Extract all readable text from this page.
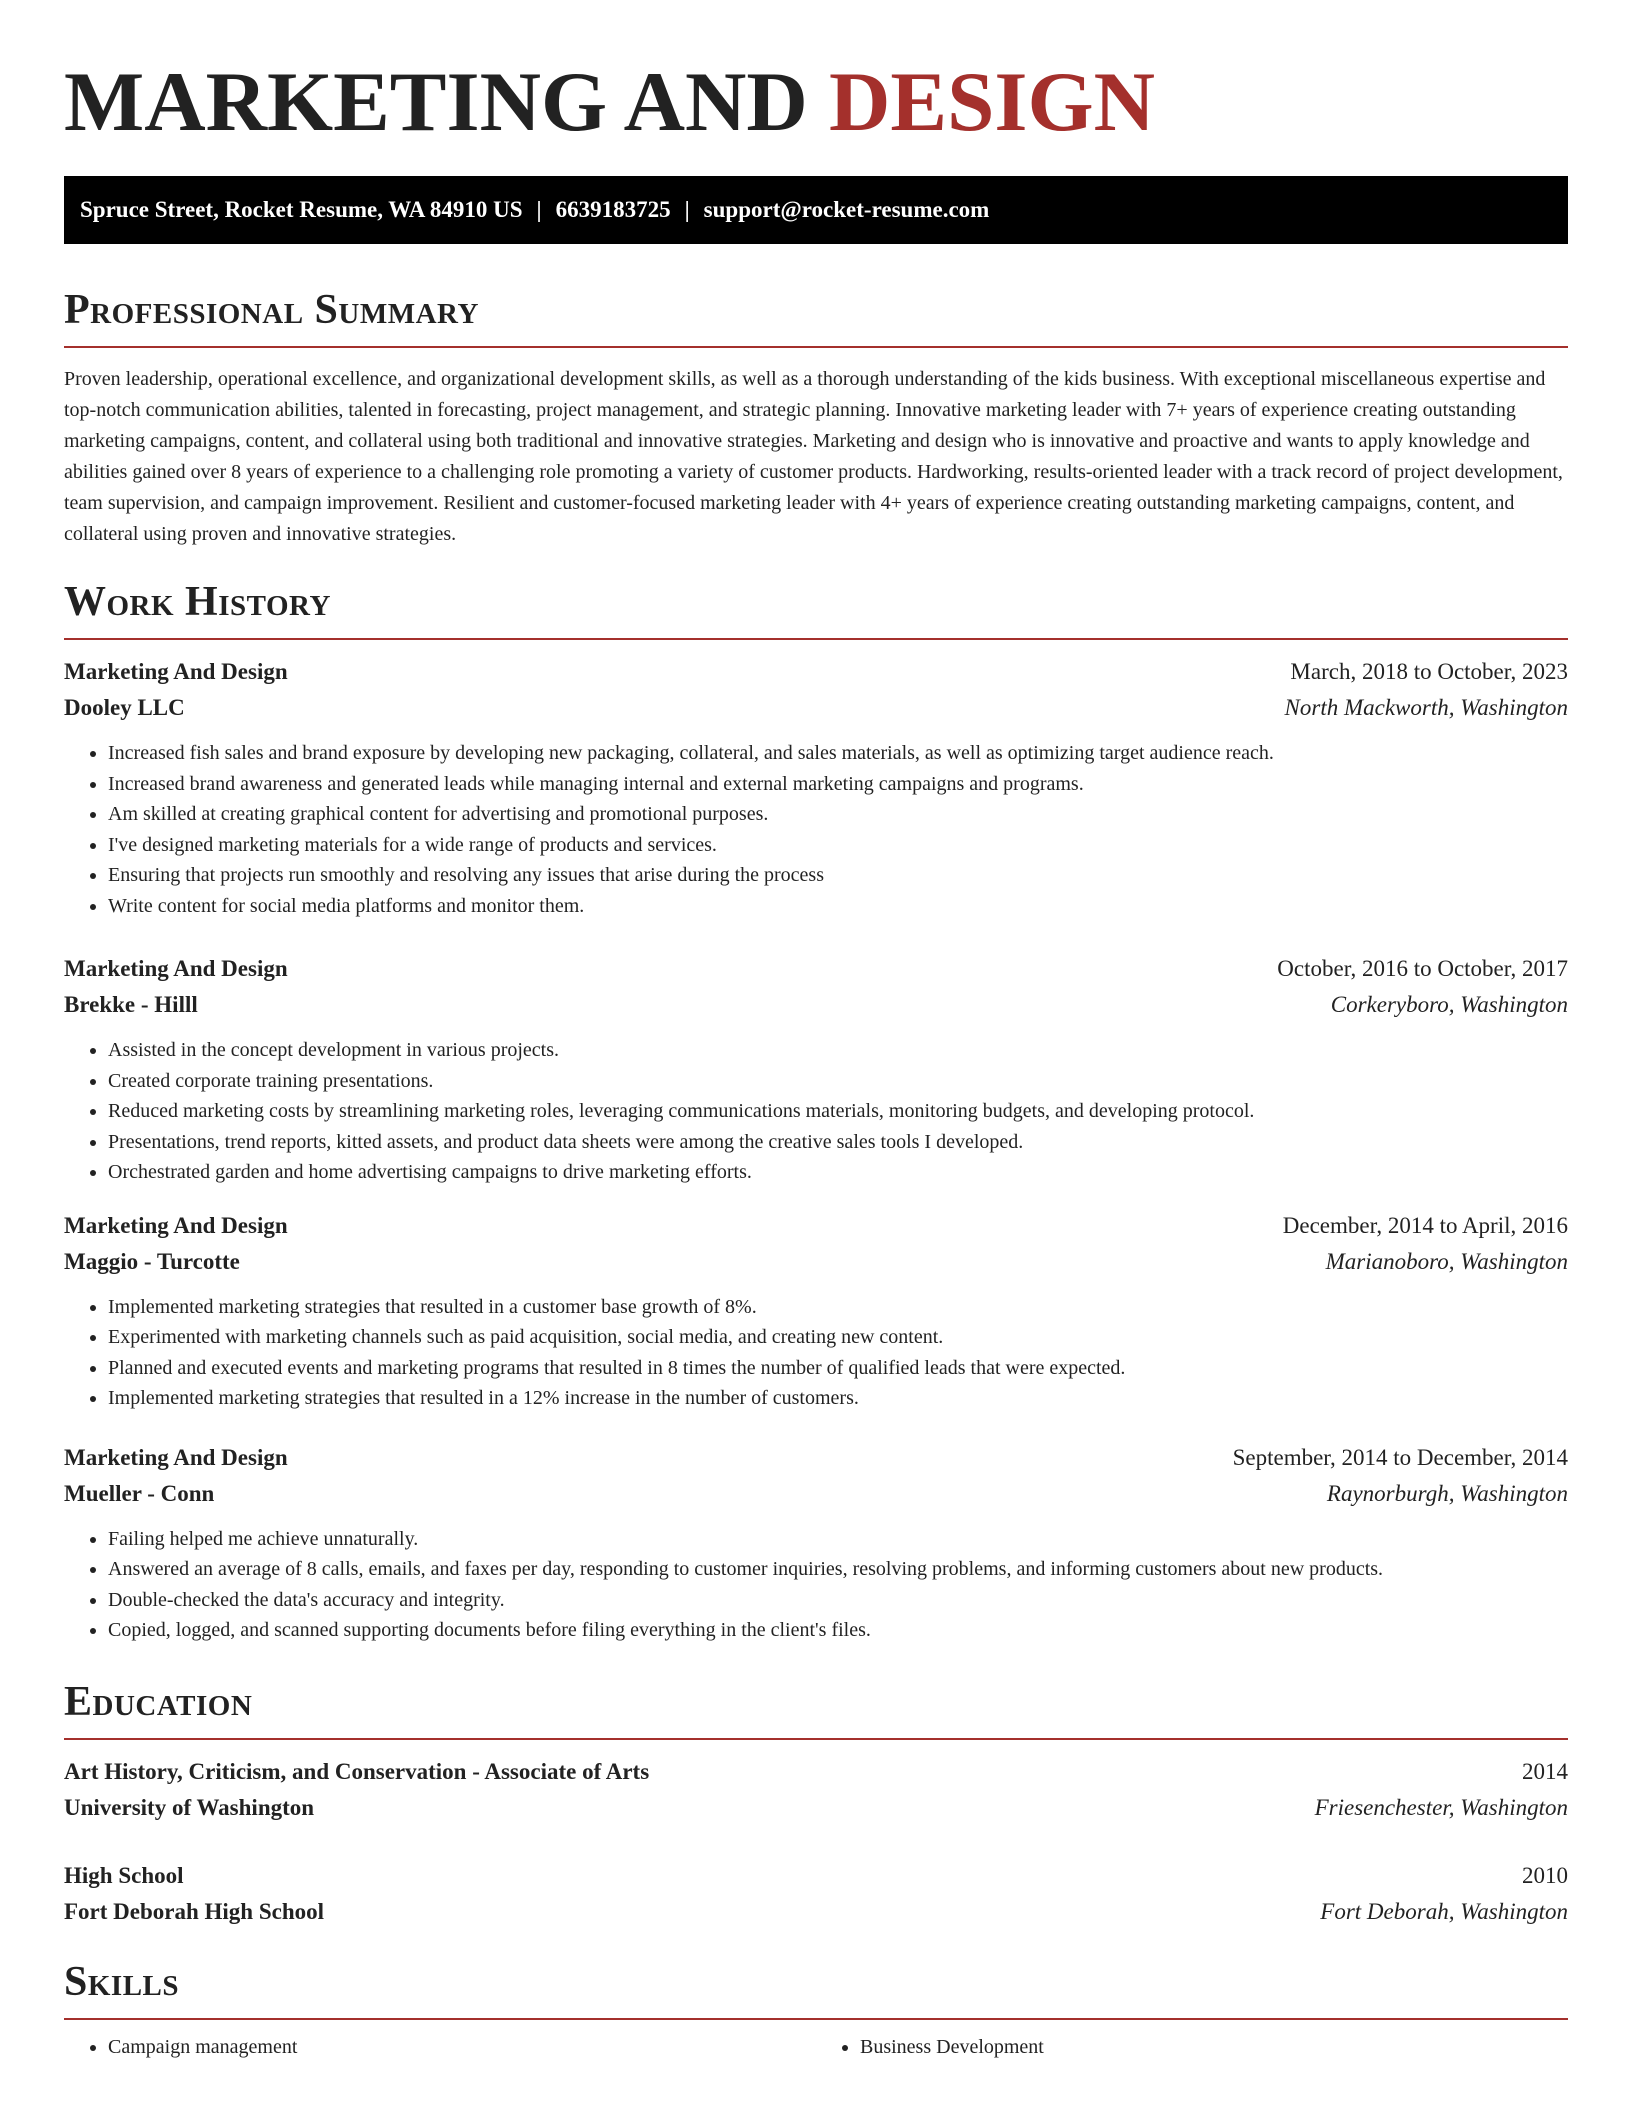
MARKETING AND DESIGN
Spruce Street, Rocket Resume, WA 84910 US | 6639183725 | support@rocket-resume.com
Professional Summary

Proven leadership, operational excellence, and organizational development skills, as well as a thorough understanding of the kids business. With exceptional miscellaneous expertise and top-notch communication abilities, talented in forecasting, project management, and strategic planning. Innovative marketing leader with 7+ years of experience creating outstanding marketing campaigns, content, and collateral using both traditional and innovative strategies. Marketing and design who is innovative and proactive and wants to apply knowledge and abilities gained over 8 years of experience to a challenging role promoting a variety of customer products. Hardworking, results-oriented leader with a track record of project development, team supervision, and campaign improvement. Resilient and customer-focused marketing leader with 4+ years of experience creating outstanding marketing campaigns, content, and collateral using proven and innovative strategies.

Work History
Marketing And Design	March, 2018 to October, 2023
Dooley LLC	North Mackworth, Washington
• Increased fish sales and brand exposure by developing new packaging, collateral, and sales materials, as well as optimizing target audience reach.
• Increased brand awareness and generated leads while managing internal and external marketing campaigns and programs.
• Am skilled at creating graphical content for advertising and promotional purposes.
• I've designed marketing materials for a wide range of products and services.
• Ensuring that projects run smoothly and resolving any issues that arise during the process
• Write content for social media platforms and monitor them.
Marketing And Design	October, 2016 to October, 2017
Brekke - Hilll	Corkeryboro, Washington
• Assisted in the concept development in various projects.
• Created corporate training presentations.
• Reduced marketing costs by streamlining marketing roles, leveraging communications materials, monitoring budgets, and developing protocol.
• Presentations, trend reports, kitted assets, and product data sheets were among the creative sales tools I developed.
• Orchestrated garden and home advertising campaigns to drive marketing efforts.
Marketing And Design	December, 2014 to April, 2016
Maggio - Turcotte	Marianoboro, Washington
• Implemented marketing strategies that resulted in a customer base growth of 8%.
• Experimented with marketing channels such as paid acquisition, social media, and creating new content.
• Planned and executed events and marketing programs that resulted in 8 times the number of qualified leads that were expected.
• Implemented marketing strategies that resulted in a 12% increase in the number of customers.
Marketing And Design	September, 2014 to December, 2014
Mueller - Conn	Raynorburgh, Washington
• Failing helped me achieve unnaturally.
• Answered an average of 8 calls, emails, and faxes per day, responding to customer inquiries, resolving problems, and informing customers about new products.
• Double-checked the data's accuracy and integrity.
• Copied, logged, and scanned supporting documents before filing everything in the client's files.
Education
Art History, Criticism, and Conservation - Associate of Arts	2014
University of Washington	Friesenchester, Washington
High School	2010
Fort Deborah High School	Fort Deborah, Washington
Skills
• Campaign management
•	Business Development
